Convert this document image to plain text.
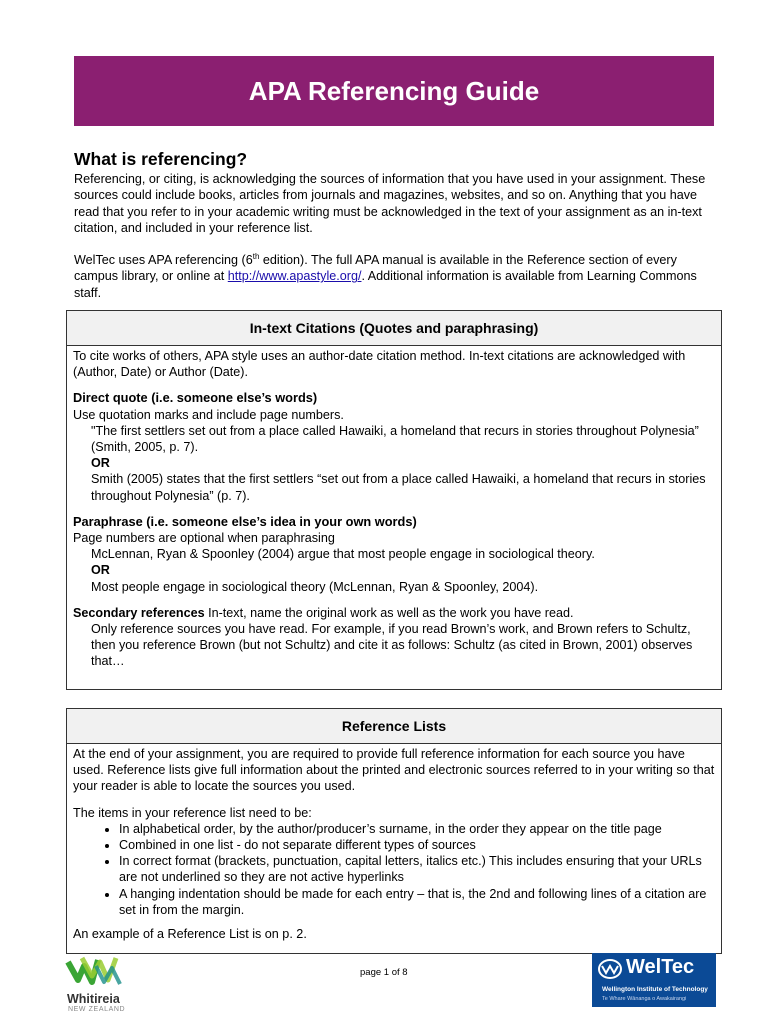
APA Referencing Guide
What is referencing?

Referencing, or citing, is acknowledging the sources of information that you have used in your assignment. These sources could include books, articles from journals and magazines, websites, and so on. Anything that you have read that you refer to in your academic writing must be acknowledged in the text of your assignment as an in-text citation, and included in your reference list.

WelTec uses APA referencing (6th edition). The full APA manual is available in the Reference section of every campus library, or online at http://www.apastyle.org/. Additional information is available from Learning Commons staff.

In-text Citations (Quotes and paraphrasing)

To cite works of others, APA style uses an author-date citation method. In-text citations are acknowledged with (Author, Date) or Author (Date).

Direct quote (i.e. someone else’s words)
Use quotation marks and include page numbers.
"The first settlers set out from a place called Hawaiki, a homeland that recurs in stories throughout Polynesia” (Smith, 2005, p. 7).
OR
Smith (2005) states that the first settlers “set out from a place called Hawaiki, a homeland that recurs in stories throughout Polynesia” (p. 7).

Paraphrase (i.e. someone else’s idea in your own words)
Page numbers are optional when paraphrasing
McLennan, Ryan & Spoonley (2004) argue that most people engage in sociological theory.
OR
Most people engage in sociological theory (McLennan, Ryan & Spoonley, 2004).

Secondary references In-text, name the original work as well as the work you have read.
Only reference sources you have read. For example, if you read Brown’s work, and Brown refers to Schultz, then you reference Brown (but not Schultz) and cite it as follows: Schultz (as cited in Brown, 2001) observes that…

Reference Lists

At the end of your assignment, you are required to provide full reference information for each source you have used. Reference lists give full information about the printed and electronic sources referred to in your writing so that your reader is able to locate the sources you used.

The items in your reference list need to be:
• In alphabetical order, by the author/producer’s surname, in the order they appear on the title page
• Combined in one list - do not separate different types of sources
• In correct format (brackets, punctuation, capital letters, italics etc.) This includes ensuring that your URLs are not underlined so they are not active hyperlinks
• A hanging indentation should be made for each entry – that is, the 2nd and following lines of a citation are set in from the margin.
An example of a Reference List is on p. 2.
Whitireia
NEW ZEALAND
page 1 of 8	WelTec
Wellington Institute of Technology
Te Whare Wānanga o Awakairangi
